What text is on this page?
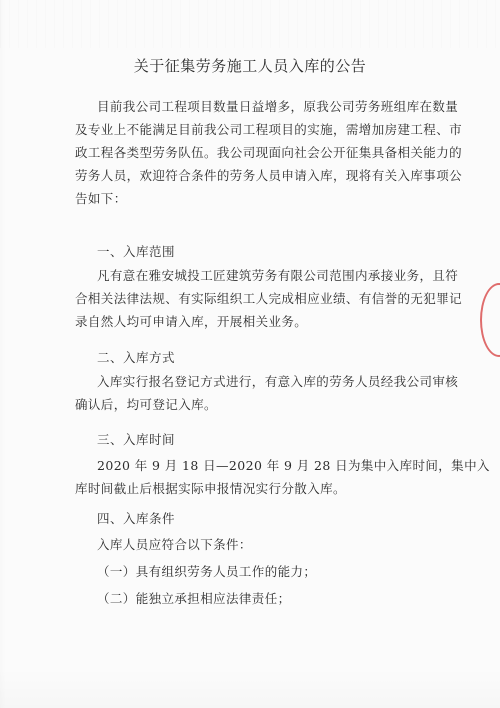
关于征集劳务施工人员入库的公告

目前我公司工程项目数量日益增多，原我公司劳务班组库在数量

及专业上不能满足目前我公司工程项目的实施，需增加房建工程、市

政工程各类型劳务队伍。我公司现面向社会公开征集具备相关能力的

劳务人员，欢迎符合条件的劳务人员申请入库，现将有关入库事项公

告如下：

一、入库范围

凡有意在雅安城投工匠建筑劳务有限公司范围内承接业务，且符

合相关法律法规、有实际组织工人完成相应业绩、有信誉的无犯罪记

录自然人均可申请入库，开展相关业务。

二、入库方式

入库实行报名登记方式进行，有意入库的劳务人员经我公司审核

确认后，均可登记入库。

三、入库时间

2020 年 9 月 18 日—2020 年 9 月 28 日为集中入库时间，集中入

库时间截止后根据实际申报情况实行分散入库。

四、入库条件

入库人员应符合以下条件：

（一）具有组织劳务人员工作的能力；

（二）能独立承担相应法律责任；
